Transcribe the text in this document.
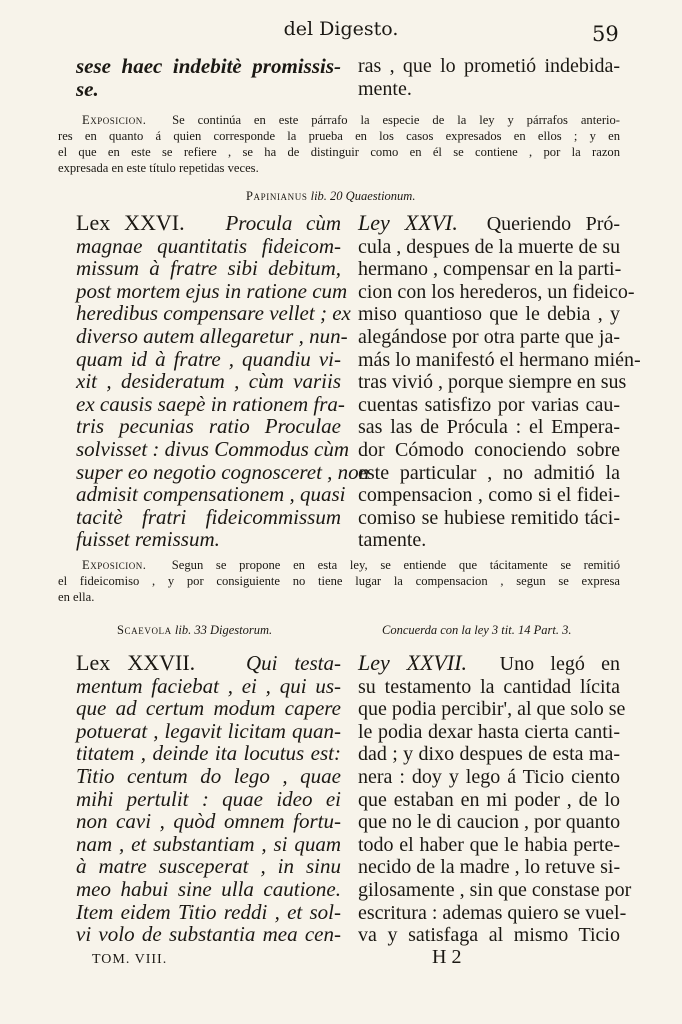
del Digesto.	59
sese haec indebitè promissis-
se.
ras , que lo prometió indebida-
mente.
Exposicion. Se continúa en este párrafo la especie de la ley y párrafos anterio-
res en quanto á quien corresponde la prueba en los casos expresados en ellos ; y en
el que en este se refiere , se ha de distinguir como en él se contiene , por la razon
expresada en este título repetidas veces.
Papinianus lib. 20 Quaestionum.
Lex XXVI. Procula cùm
magnae quantitatis fideicom-
missum à fratre sibi debitum,
post mortem ejus in ratione cum
heredibus compensare vellet ; ex
diverso autem allegaretur , nun-
quam id à fratre , quandiu vi-
xit , desideratum , cùm variis
ex causis saepè in rationem fra-
tris pecunias ratio Proculae
solvisset : divus Commodus cùm
super eo negotio cognosceret , non
admisit compensationem , quasi
tacitè fratri fideicommissum
fuisset remissum.
Ley XXVI. Queriendo Pró-
cula , despues de la muerte de su
hermano , compensar en la parti-
cion con los herederos, un fideico-
miso quantioso que le debia , y
alegándose por otra parte que ja-
más lo manifestó el hermano mién-
tras vivió , porque siempre en sus
cuentas satisfizo por varias cau-
sas las de Prócula : el Empera-
dor Cómodo conociendo sobre
este particular , no admitió la
compensacion , como si el fidei-
comiso se hubiese remitido táci-
tamente.
Exposicion. Segun se propone en esta ley, se entiende que tácitamente se remitió
el fideicomiso , y por consiguiente no tiene lugar la compensacion , segun se expresa
en ella.
Scaevola lib. 33 Digestorum.	Concuerda con la ley 3 tit. 14 Part. 3.
Lex XXVII. Qui testa-
mentum faciebat , ei , qui us-
que ad certum modum capere
potuerat , legavit licitam quan-
titatem , deinde ita locutus est:
Titio centum do lego , quae
mihi pertulit : quae ideo ei
non cavi , quòd omnem fortu-
nam , et substantiam , si quam
à matre susceperat , in sinu
meo habui sine ulla cautione.
Item eidem Titio reddi , et sol-
vi volo de substantia mea cen-
Ley XXVII. Uno legó en
su testamento la cantidad lícita
que podia percibir', al que solo se
le podia dexar hasta cierta canti-
dad ; y dixo despues de esta ma-
nera : doy y lego á Ticio ciento
que estaban en mi poder , de lo
que no le di caucion , por quanto
todo el haber que le habia perte-
necido de la madre , lo retuve si-
gilosamente , sin que constase por
escritura : ademas quiero se vuel-
va y satisfaga al mismo Ticio
TOM. VIII.	H 2
